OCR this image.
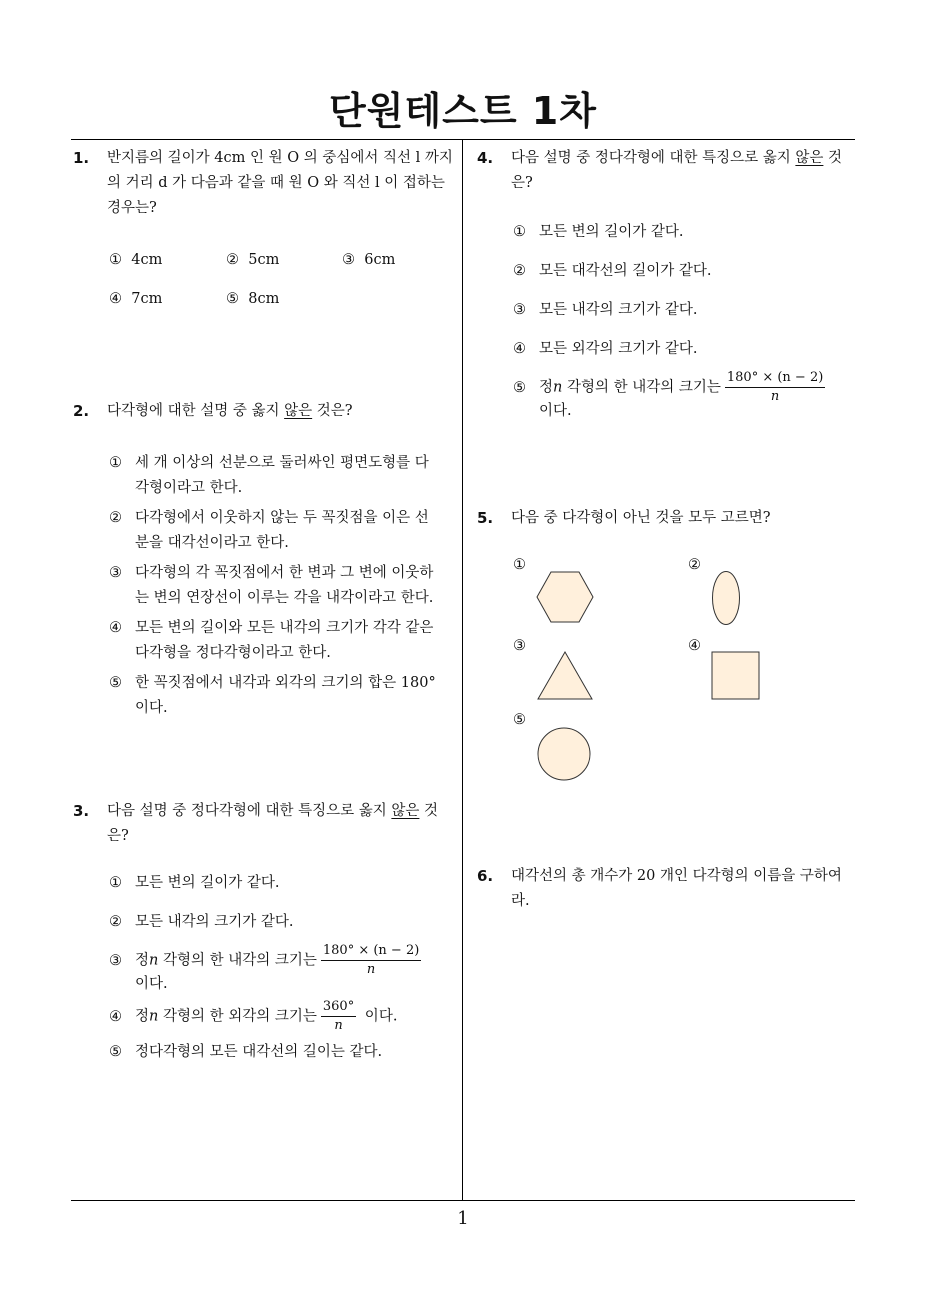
단원테스트 1차
1. 반지름의 길이가 4cm 인 원 O 의 중심에서 직선 l 까지
의 거리 d 가 다음과 같을 때 원 O 와 직선 l 이 접하는
경우는?
① 4cm	② 5cm	③ 6cm
④ 7cm	⑤ 8cm
2. 다각형에 대한 설명 중 옳지 않은 것은?
① 세 개 이상의 선분으로 둘러싸인 평면도형를 다
각형이라고 한다.
② 다각형에서 이웃하지 않는 두 꼭짓점을 이은 선
분을 대각선이라고 한다.
③ 다각형의 각 꼭짓점에서 한 변과 그 변에 이웃하
는 변의 연장선이 이루는 각을 내각이라고 한다.
④ 모든 변의 길이와 모든 내각의 크기가 각각 같은
다각형을 정다각형이라고 한다.
⑤ 한 꼭짓점에서 내각과 외각의 크기의 합은 180°
이다.
3. 다음 설명 중 정다각형에 대한 특징으로 옳지 않은 것
은?
① 모든 변의 길이가 같다.
② 모든 내각의 크기가 같다.
③ 정n 각형의 한 내각의 크기는 $\frac{180^\circ \times (n - 2)}{n}$
이다.
④ 정n 각형의 한 외각의 크기는 $\frac{360^\circ}{n}$ 이다.
⑤ 정다각형의 모든 대각선의 길이는 같다.
4. 다음 설명 중 정다각형에 대한 특징으로 옳지 않은 것
은?
① 모든 변의 길이가 같다.
② 모든 대각선의 길이가 같다.
③ 모든 내각의 크기가 같다.
④ 모든 외각의 크기가 같다.
⑤ 정n 각형의 한 내각의 크기는 $\frac{180^\circ \times (n - 2)}{n}$
이다.
5. 다음 중 다각형이 아닌 것을 모두 고르면?
①	②
③	④
⑤
6. 대각선의 총 개수가 20 개인 다각형의 이름을 구하여
라.
1
